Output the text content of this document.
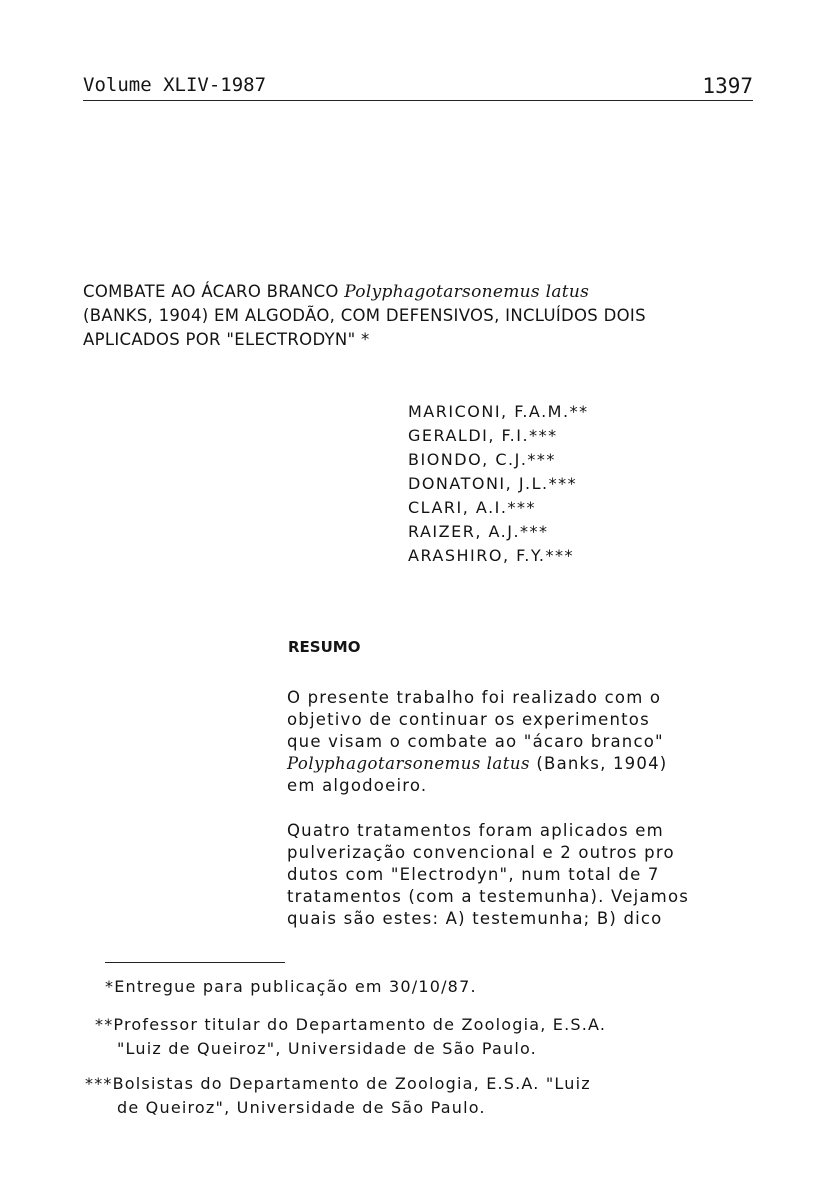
Volume XLIV-1987	1397
COMBATE AO ÁCARO BRANCO Polyphagotarsonemus latus
(BANKS, 1904) EM ALGODÃO, COM DEFENSIVOS, INCLUÍDOS DOIS
APLICADOS POR "ELECTRODYN" *
MARICONI, F.A.M.**
GERALDI, F.I.***
BIONDO, C.J.***
DONATONI, J.L.***
CLARI, A.I.***
RAIZER, A.J.***
ARASHIRO, F.Y.***
RESUMO

O presente trabalho foi realizado com o
objetivo de continuar os experimentos
que visam o combate ao "ácaro branco"
Polyphagotarsonemus latus (Banks, 1904)
em algodoeiro.

Quatro tratamentos foram aplicados em
pulverização convencional e 2 outros pro
dutos com "Electrodyn", num total de 7
tratamentos (com a testemunha). Vejamos
quais são estes: A) testemunha; B) dico

*Entregue para publicação em 30/10/87.

**Professor titular do Departamento de Zoologia, E.S.A.
"Luiz de Queiroz", Universidade de São Paulo.

***Bolsistas do Departamento de Zoologia, E.S.A. "Luiz
de Queiroz", Universidade de São Paulo.
